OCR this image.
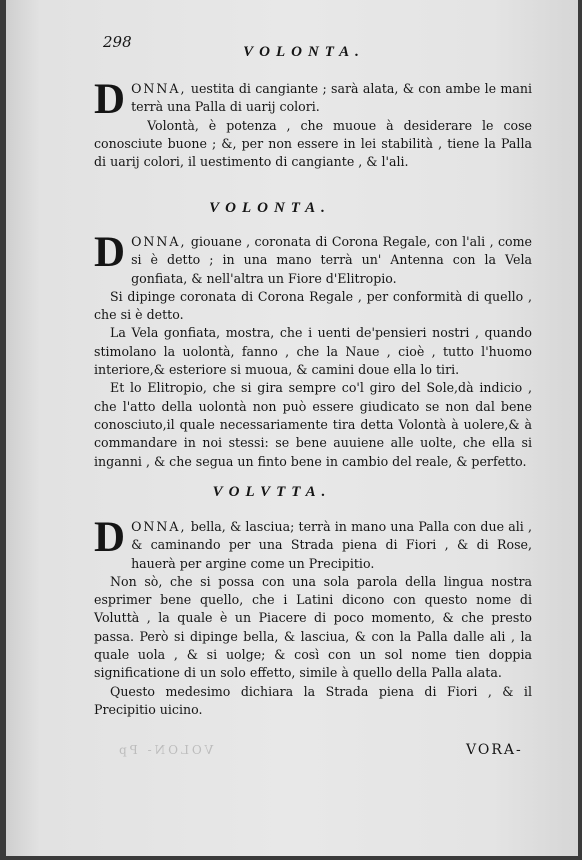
VOLON- Pp
298
VOLONTA.

DONNA, uestita di cangiante ; sarà alata, & con ambe le mani terrà una Palla di uarij colori.

Volontà, è potenza , che muoue à desiderare le cose conosciute buone ; &, per non essere in lei stabilità , tiene la Palla di uarij colori, il uestimento di cangiante , & l'ali.

VOLONTA.

DONNA, giouane , coronata di Corona Regale, con l'ali , come si è detto ; in una mano terrà un' Antenna con la Vela gonfiata, & nell'altra un Fiore d'Elitropio.

Si dipinge coronata di Corona Regale , per conformità di quello , che si è detto.

La Vela gonfiata, mostra, che i uenti de'pensieri nostri , quando stimolano la uolontà, fanno , che la Naue , cioè , tutto l'huomo interiore,& esteriore si muoua, & camini doue ella lo tiri.

Et lo Elitropio, che si gira sempre co'l giro del Sole,dà indicio , che l'atto della uolontà non può essere giudicato se non dal bene conosciuto,il quale necessariamente tira detta Volontà à uolere,& à commandare in noi stessi: se bene auuiene alle uolte, che ella si inganni , & che segua un finto bene in cambio del reale, & perfetto.

VOLVTTA.

DONNA, bella, & lasciua; terrà in mano una Palla con due ali , & caminando per una Strada piena di Fiori , & di Rose, hauerà per argine come un Precipitio.

Non sò, che si possa con una sola parola della lingua nostra esprimer bene quello, che i Latini dicono con questo nome di Voluttà , la quale è un Piacere di poco momento, & che presto passa. Però si dipinge bella, & lasciua, & con la Palla dalle ali , la quale uola , & si uolge; & così con un sol nome tien doppia significatione di un solo effetto, simile à quello della Palla alata.

Questo medesimo dichiara la Strada piena di Fiori , & il Precipitio uicino.

VORA-
